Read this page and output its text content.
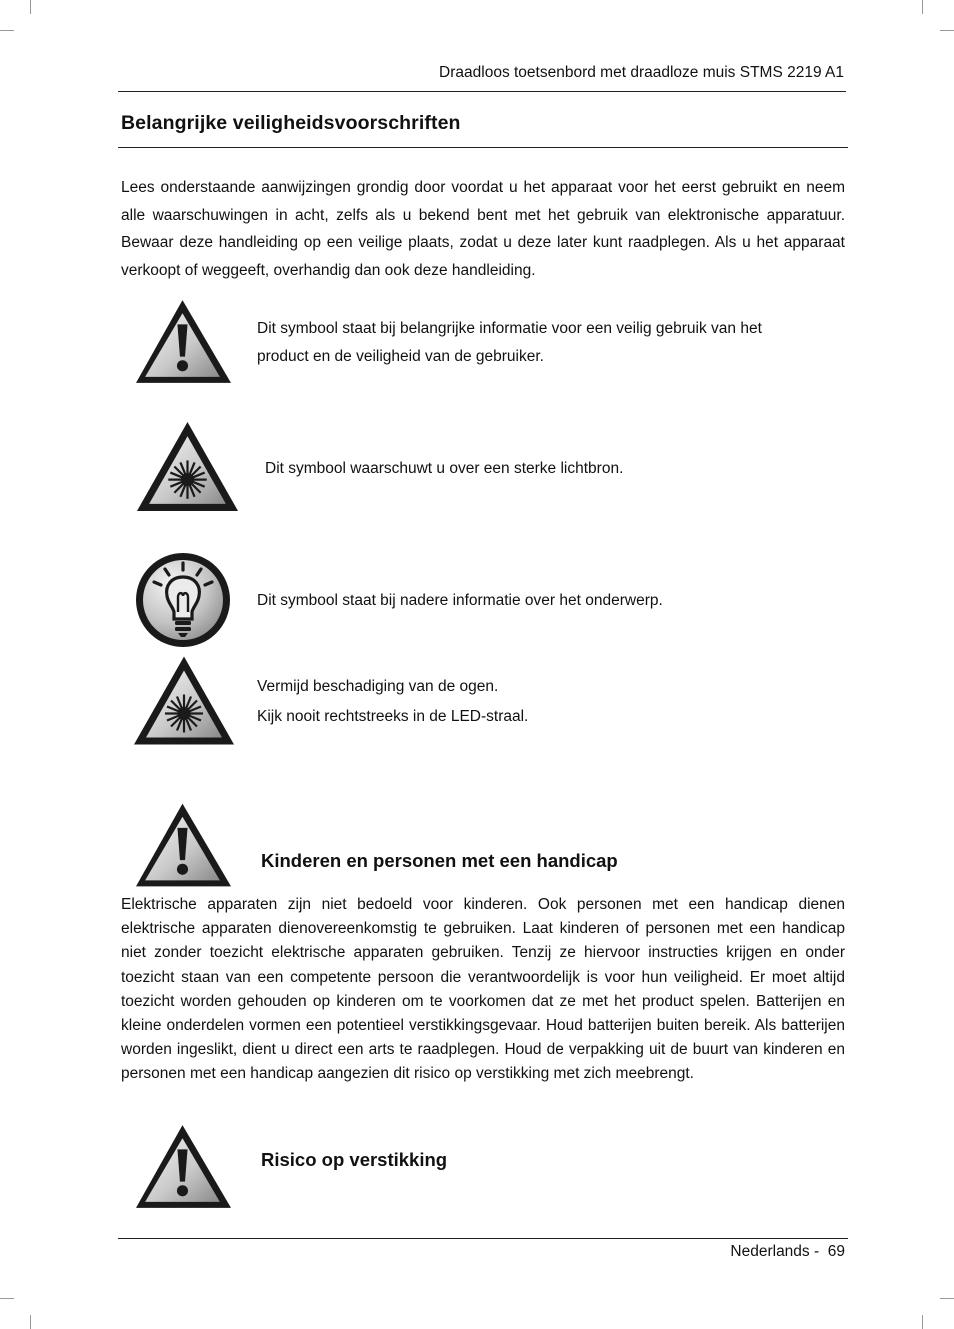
Draadloos toetsenbord met draadloze muis STMS 2219 A1
Belangrijke veiligheidsvoorschriften

Lees onderstaande aanwijzingen grondig door voordat u het apparaat voor het eerst gebruikt en neem alle waarschuwingen in acht, zelfs als u bekend bent met het gebruik van elektronische apparatuur. Bewaar deze handleiding op een veilige plaats, zodat u deze later kunt raadplegen. Als u het apparaat verkoopt of weggeeft, overhandig dan ook deze handleiding.

Dit symbool staat bij belangrijke informatie voor een veilig gebruik van het product en de veiligheid van de gebruiker.

Dit symbool waarschuwt u over een sterke lichtbron.

Dit symbool staat bij nadere informatie over het onderwerp.

Vermijd beschadiging van de ogen.

Kijk nooit rechtstreeks in de LED-straal.

Kinderen en personen met een handicap

Elektrische apparaten zijn niet bedoeld voor kinderen. Ook personen met een handicap dienen elektrische apparaten dienovereenkomstig te gebruiken. Laat kinderen of personen met een handicap niet zonder toezicht elektrische apparaten gebruiken. Tenzij ze hiervoor instructies krijgen en onder toezicht staan van een competente persoon die verantwoordelijk is voor hun veiligheid. Er moet altijd toezicht worden gehouden op kinderen om te voorkomen dat ze met het product spelen. Batterijen en kleine onderdelen vormen een potentieel verstikkingsgevaar. Houd batterijen buiten bereik. Als batterijen worden ingeslikt, dient u direct een arts te raadplegen. Houd de verpakking uit de buurt van kinderen en personen met een handicap aangezien dit risico op verstikking met zich meebrengt.

Risico op verstikking
Nederlands -  69
